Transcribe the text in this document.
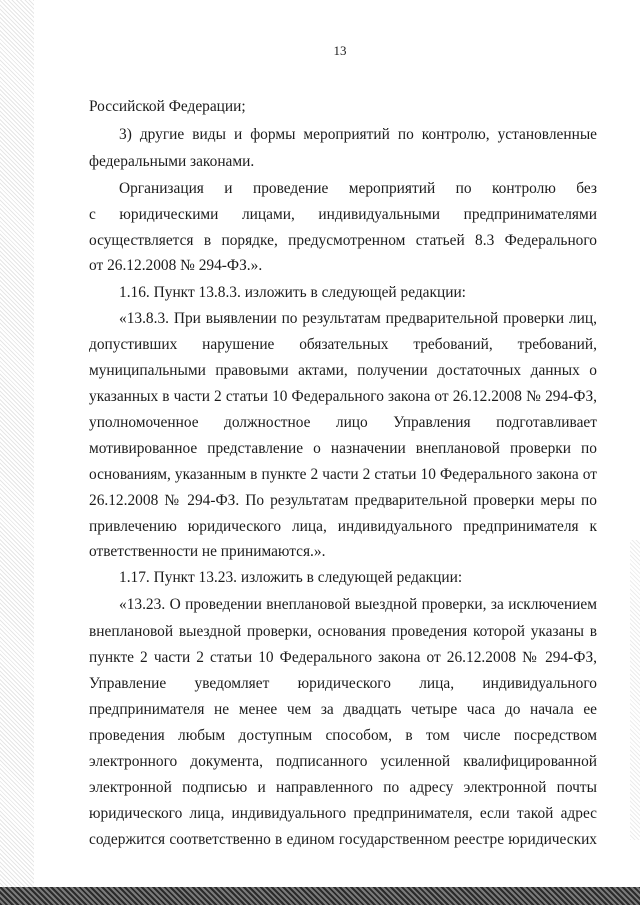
13
Российской Федерации;
3) другие виды и формы мероприятий по контролю, установленные
федеральными законами.
Организация и проведение мероприятий по контролю без
с юридическими лицами, индивидуальными предпринимателями
осуществляется в порядке, предусмотренном статьей 8.3 Федерального
от 26.12.2008 № 294-ФЗ.».
1.16. Пункт 13.8.3. изложить в следующей редакции:
«13.8.3. При выявлении по результатам предварительной проверки лиц,
допустивших нарушение обязательных требований, требований,
муниципальными правовыми актами, получении достаточных данных о
указанных в части 2 статьи 10 Федерального закона от 26.12.2008 № 294-ФЗ,
уполномоченное должностное лицо Управления подготавливает
мотивированное представление о назначении внеплановой проверки по
основаниям, указанным в пункте 2 части 2 статьи 10 Федерального закона от
26.12.2008 № 294-ФЗ. По результатам предварительной проверки меры по
привлечению юридического лица, индивидуального предпринимателя к
ответственности не принимаются.».
1.17. Пункт 13.23. изложить в следующей редакции:
«13.23. О проведении внеплановой выездной проверки, за исключением
внеплановой выездной проверки, основания проведения которой указаны в
пункте 2 части 2 статьи 10 Федерального закона от 26.12.2008 № 294-ФЗ,
Управление уведомляет юридического лица, индивидуального
предпринимателя не менее чем за двадцать четыре часа до начала ее
проведения любым доступным способом, в том числе посредством
электронного документа, подписанного усиленной квалифицированной
электронной подписью и направленного по адресу электронной почты
юридического лица, индивидуального предпринимателя, если такой адрес
содержится соответственно в едином государственном реестре юридических
